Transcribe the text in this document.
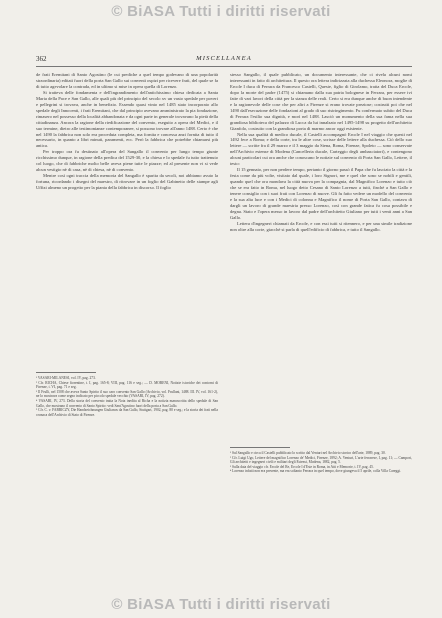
© BiASA Tutti i diritti riservati
362	MISCELLANEA

de frati Eremitani di Santo Agostino (le cui prediche a quel tempo godevano di una popolarità straordinaria) editati fuori della porta San Gallo sui conventi ospizi per ricevere frati, del quale se fa di tutto agevolare la contrada, ed in ultimo si mise in opera quella di Lorenzo.

Si tratteva delle fondamenta e dell'ingrandimento dell'antichissimo chiesa dedicata a Santa Maria della Pace e San Gallo, alle quali più del principio del secolo xv un vasto spedale per poveri e pellegrini si trovava, anche in benefizio. Essendo quasi vinto nel 1485 stato incorporato allo spedale degli Innocenti, i frati Eremitani, che dal principio avevano amministrato la pia fondazione, rimasero nel possesso della località abbandonata e da ogni parte in generale trovavano la pietà della cittadinanza. Ancora la ragione della riedificazione del convento, eseguito a opera del Medici, e il suo termine, dietro alle testimonianze contemporanee, si possono trovare all'anno 1488. Certo è che nel 1490 la fabbrica non solo era proceduta completa, ma fornita e concessa anzi fornita di tutto il necessario, in quanto a libri minuti, paramenti, ecc. Però la fabbrica che potrebbe chiamarsi più antica.

Per troppo ora fu destinato all'opera del Sangallo il convento per lungo tempo giunte ricchissimo dunque, in ragione della predica del 1529-30, e la chiesa e lo spedale fu tutto trattenuto col luogo, che di fabbriche molto belle aveva piene tutte le piazze; ed al presente non vi si vede alcun vestigio nè di casa, nè di chiesa, nè di convento.

Mentre così ogni traccia della memoria del Sangallo è sparita da secoli, noi abbiamo avuto la fortuna, ricordando i disegni del maestro, di ritrovare in un foglio del Gabinetto delle stampe agli Uffizi almeno un progetto per la pianta della fabbrica in discorso. Il foglio

¹ VASARI-MILANESI, vol. IV, pag. 273.

² Cfr. RICHA, Chiese fiorentine, t. I, pag. 165-8; VIII, pag. 116 e seg.; — D. MORENI, Notizie istoriche dei contorni di Firenze, t. VI, pag. 71 e seg.

³ Il Frulli, nel 1508 che aveva Santo Spirito il suo caro convento San Gallo (Archivio, vol. Frullani, 1488. III. IV, vol. 161-2), ne lo mostrava come segno indicato per piccolo spedale vecchio (VASARI, IV, pag. 272).

⁴ VASARI, IV, 273. Della storia del convento tratta la Nota inedita al Richa e la notizia manoscritta dello spedale di San Gallo, che mostrano il convento di Santo Spirito: vedi Sant'Agostino fuori della porta a San Gallo.

⁵ Cfr. C. v. FABRICZY, Die Handzeichnungen Giulianos da San Gallo, Stuttgart, 1902, pag. 80 e seg.; e la storia dei frati nella cronaca dell'Archivio di Stato di Firenze.

stesso Sangallo, il quale pubblicato, un documento interessante, che ci rivela alcuni nomi interessanti in fatto di architettura. Il questo ora lettera indirizzata alla duchessa Eleonora, moglie di Ercole I duca di Ferrara da Francesco Castelli, Queste, figlio di Girolamo, tratta del Duca Ercole, dopo la morte del padre (1475) si chiamano dalla sua patria bolognese in Ferrara, per essere ivi fatte di vari lavori della città per la stanza delle reali. Certo si era dunque anche di buon intendente e la ragionevole delle cose che per altri a Firenze si erano trovate preziose; costrutti poi che nel 1490 dall'esecuzione delle fondazioni al grado di suo ristringimento. Fu confermato subito del Duca di Ferrara l'esilio sua dignità, e morì nel 1488. Lasciò un monumento della sua fama nella sua grandiosa biblioteca del palazzo di Lucca da lui innalzato nel 1495-1498 su progetto dell'architetto Gianfolo, costruito con la grandiosa porta di marmo ancor oggi esistente.

Nella sua qualità di medico ducale, il Castelli accompagnò Ercole I nel viaggio che questi nel 1492 fece a Roma; e della corte, tra le altre cose, scrisse delle lettere alla duchessa. Ciò dello suo lettere — scritte fra il 29 marzo e il 3 maggio da Siena, Roma, Firenze, Spoleto — sono conservate nell'Archivio estense di Modena (Cancelleria ducale, Carteggio degli ambasciatori), e contengono alcuni particolari cui ora anche che conoscano le notizie sul convento di Porta San Gallo, Lettere, il testo:

Il 15 gennaio, per non perdere tempo, pertanto il giorno passò il Papa che fu lasciato la città e la festa come da più volte, visitato dal quale, i loro Signori, me e quel che sono se nobili e gentili, quando quel che ora mondava la città nuova per la compagnia, dal Magnifico Lorenzo e tutto ciò che se era fatto in Roma, nel luogo detto Cesano di Santo Lorenzo a tutti, finchè a San Gallo e tenere consiglio con i suoi frati con Lorenzo di nuove. Gli fu fatto vedere un modello del convento e la sua alta luce e con i Medici di colonna e Magnifico il nome di Porta San Gallo, contava di dargli un lavoro di grande maestria presso Lorenzo, così con grande fatica fu cosa possibile e degna. Stato e l'opera messo in lavoro dal padre dell'architetto Giuliano per tutti i venti anni a San Gallo.

Lettera d'ingegneri chiamati da Ercole, e con essi tutti si ritennero, e per una simile tradizione non oltre alla corte, giacchè si parla di quell'edificio di fabbrica, e tutto il Sangallo.

¹ Sul Sangallo e circa il Castelli pubblicato lo scritto dal Venturi nel Archivio storico dell'arte, 1889, pag. 30.

² Cfr. Luigi Ugo, Lettere del magnifico Lorenzo de' Medici, Firenze, 1892; A. Venturi, L'arte ferrarese, I, pag. 11; — Campori, Gli architetti e ingegneri civili e militari degli Estensi, Modena, 1882, pag. 5.

³ Sulla data del viaggio cfr. Ercole del Re, Ercole I d'Este in Roma, in Atti e Memorie, t. IV, pag. 45.

⁴ Lorenzo infatti non era presente, ma era soltanto Ferrara in quel tempo, dove giungeva il 5 aprile, colla Villa Careggi.

© BiASA Tutti i diritti riservati
